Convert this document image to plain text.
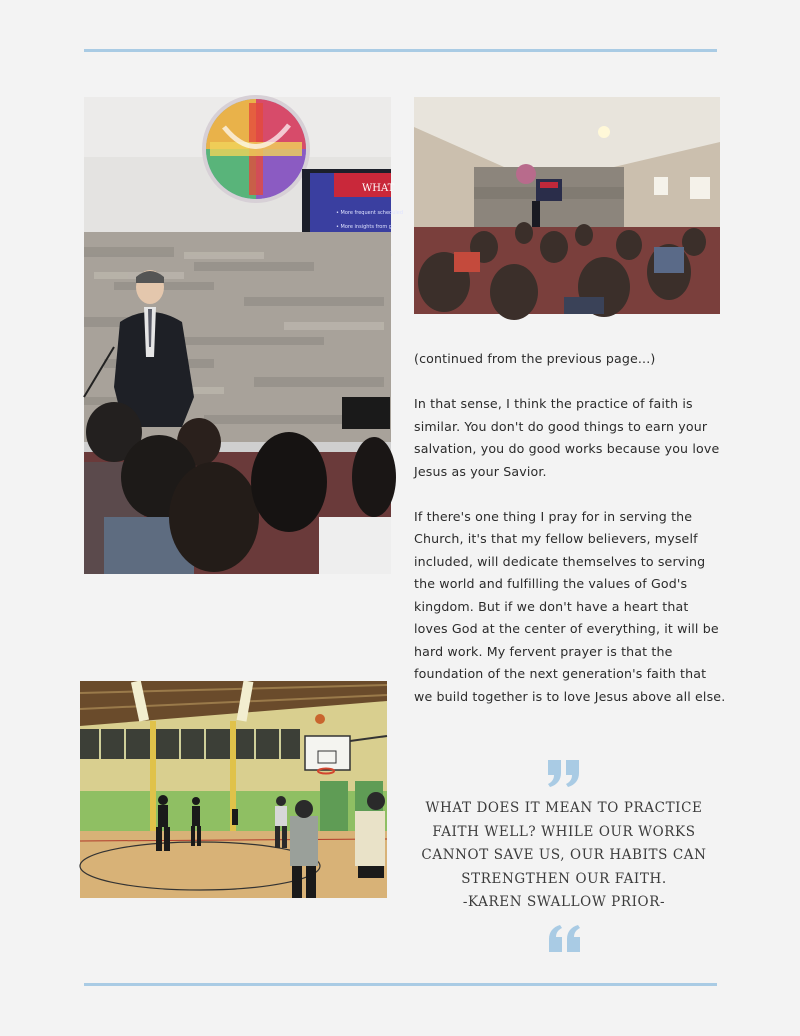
WHAT
• More frequent scheduled
• More insights from g

(continued from the previous page...)

In that sense, I think the practice of faith is similar. You don't do good things to earn your salvation, you do good works because you love Jesus as your Savior.

If there's one thing I pray for in serving the Church, it's that my fellow believers, myself included, will dedicate themselves to serving the world and fulfilling the values of God's kingdom. But if we don't have a heart that loves God at the center of everything, it will be hard work. My fervent prayer is that the foundation of the next generation's faith that we build together is to love Jesus above all else.

WHAT DOES IT MEAN TO PRACTICE FAITH WELL? WHILE OUR WORKS CANNOT SAVE US, OUR HABITS CAN STRENGTHEN OUR FAITH.
-KAREN SWALLOW PRIOR-
